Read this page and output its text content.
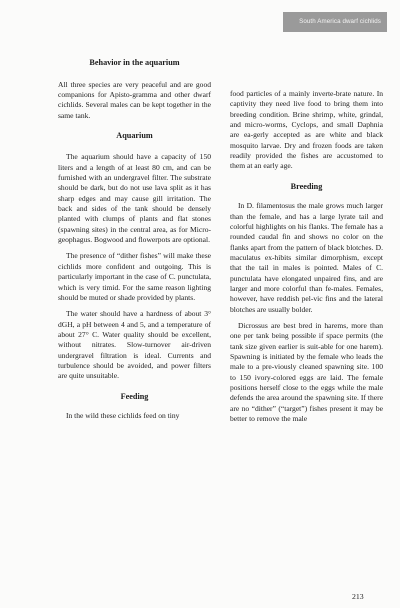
South America dwarf cichlids
Behavior in the aquarium

All three species are very peaceful and are good companions for Apisto-gramma and other dwarf cichlids. Several males can be kept together in the same tank.

Aquarium

The aquarium should have a capacity of 150 liters and a length of at least 80 cm, and can be furnished with an undergravel filter. The substrate should be dark, but do not use lava split as it has sharp edges and may cause gill irritation. The back and sides of the tank should be densely planted with clumps of plants and flat stones (spawning sites) in the central area, as for Micro-geophagus. Bogwood and flowerpots are optional.

The presence of “dither fishes” will make these cichlids more confident and outgoing. This is particularly important in the case of C. punctulata, which is very timid. For the same reason lighting should be muted or shade provided by plants.

The water should have a hardness of about 3° dGH, a pH between 4 and 5, and a temperature of about 27° C. Water quality should be excellent, without nitrates. Slow-turnover air-driven undergravel filtration is ideal. Currents and turbulence should be avoided, and power filters are quite unsuitable.

Feeding

In the wild these cichlids feed on tiny

food particles of a mainly inverte-brate nature. In captivity they need live food to bring them into breeding condition. Brine shrimp, white, grindal, and micro-worms, Cyclops, and small Daphnia are ea-gerly accepted as are white and black mosquito larvae. Dry and frozen foods are taken readily provided the fishes are accustomed to them at an early age.

Breeding

In D. filamentosus the male grows much larger than the female, and has a large lyrate tail and colorful highlights on his flanks. The female has a rounded caudal fin and shows no color on the flanks apart from the pattern of black blotches. D. maculatus ex-hibits similar dimorphism, except that the tail in males is pointed. Males of C. punctulata have elongated unpaired fins, and are larger and more colorful than fe-males. Females, however, have reddish pel-vic fins and the lateral blotches are usually bolder.

Dicrossus are best bred in harems, more than one per tank being possible if space permits (the tank size given earlier is suit-able for one harem). Spawning is initiated by the female who leads the male to a pre-viously cleaned spawning site. 100 to 150 ivory-colored eggs are laid. The female positions herself close to the eggs while the male defends the area around the spawning site. If there are no “dither” (“target”) fishes present it may be better to remove the male

213
